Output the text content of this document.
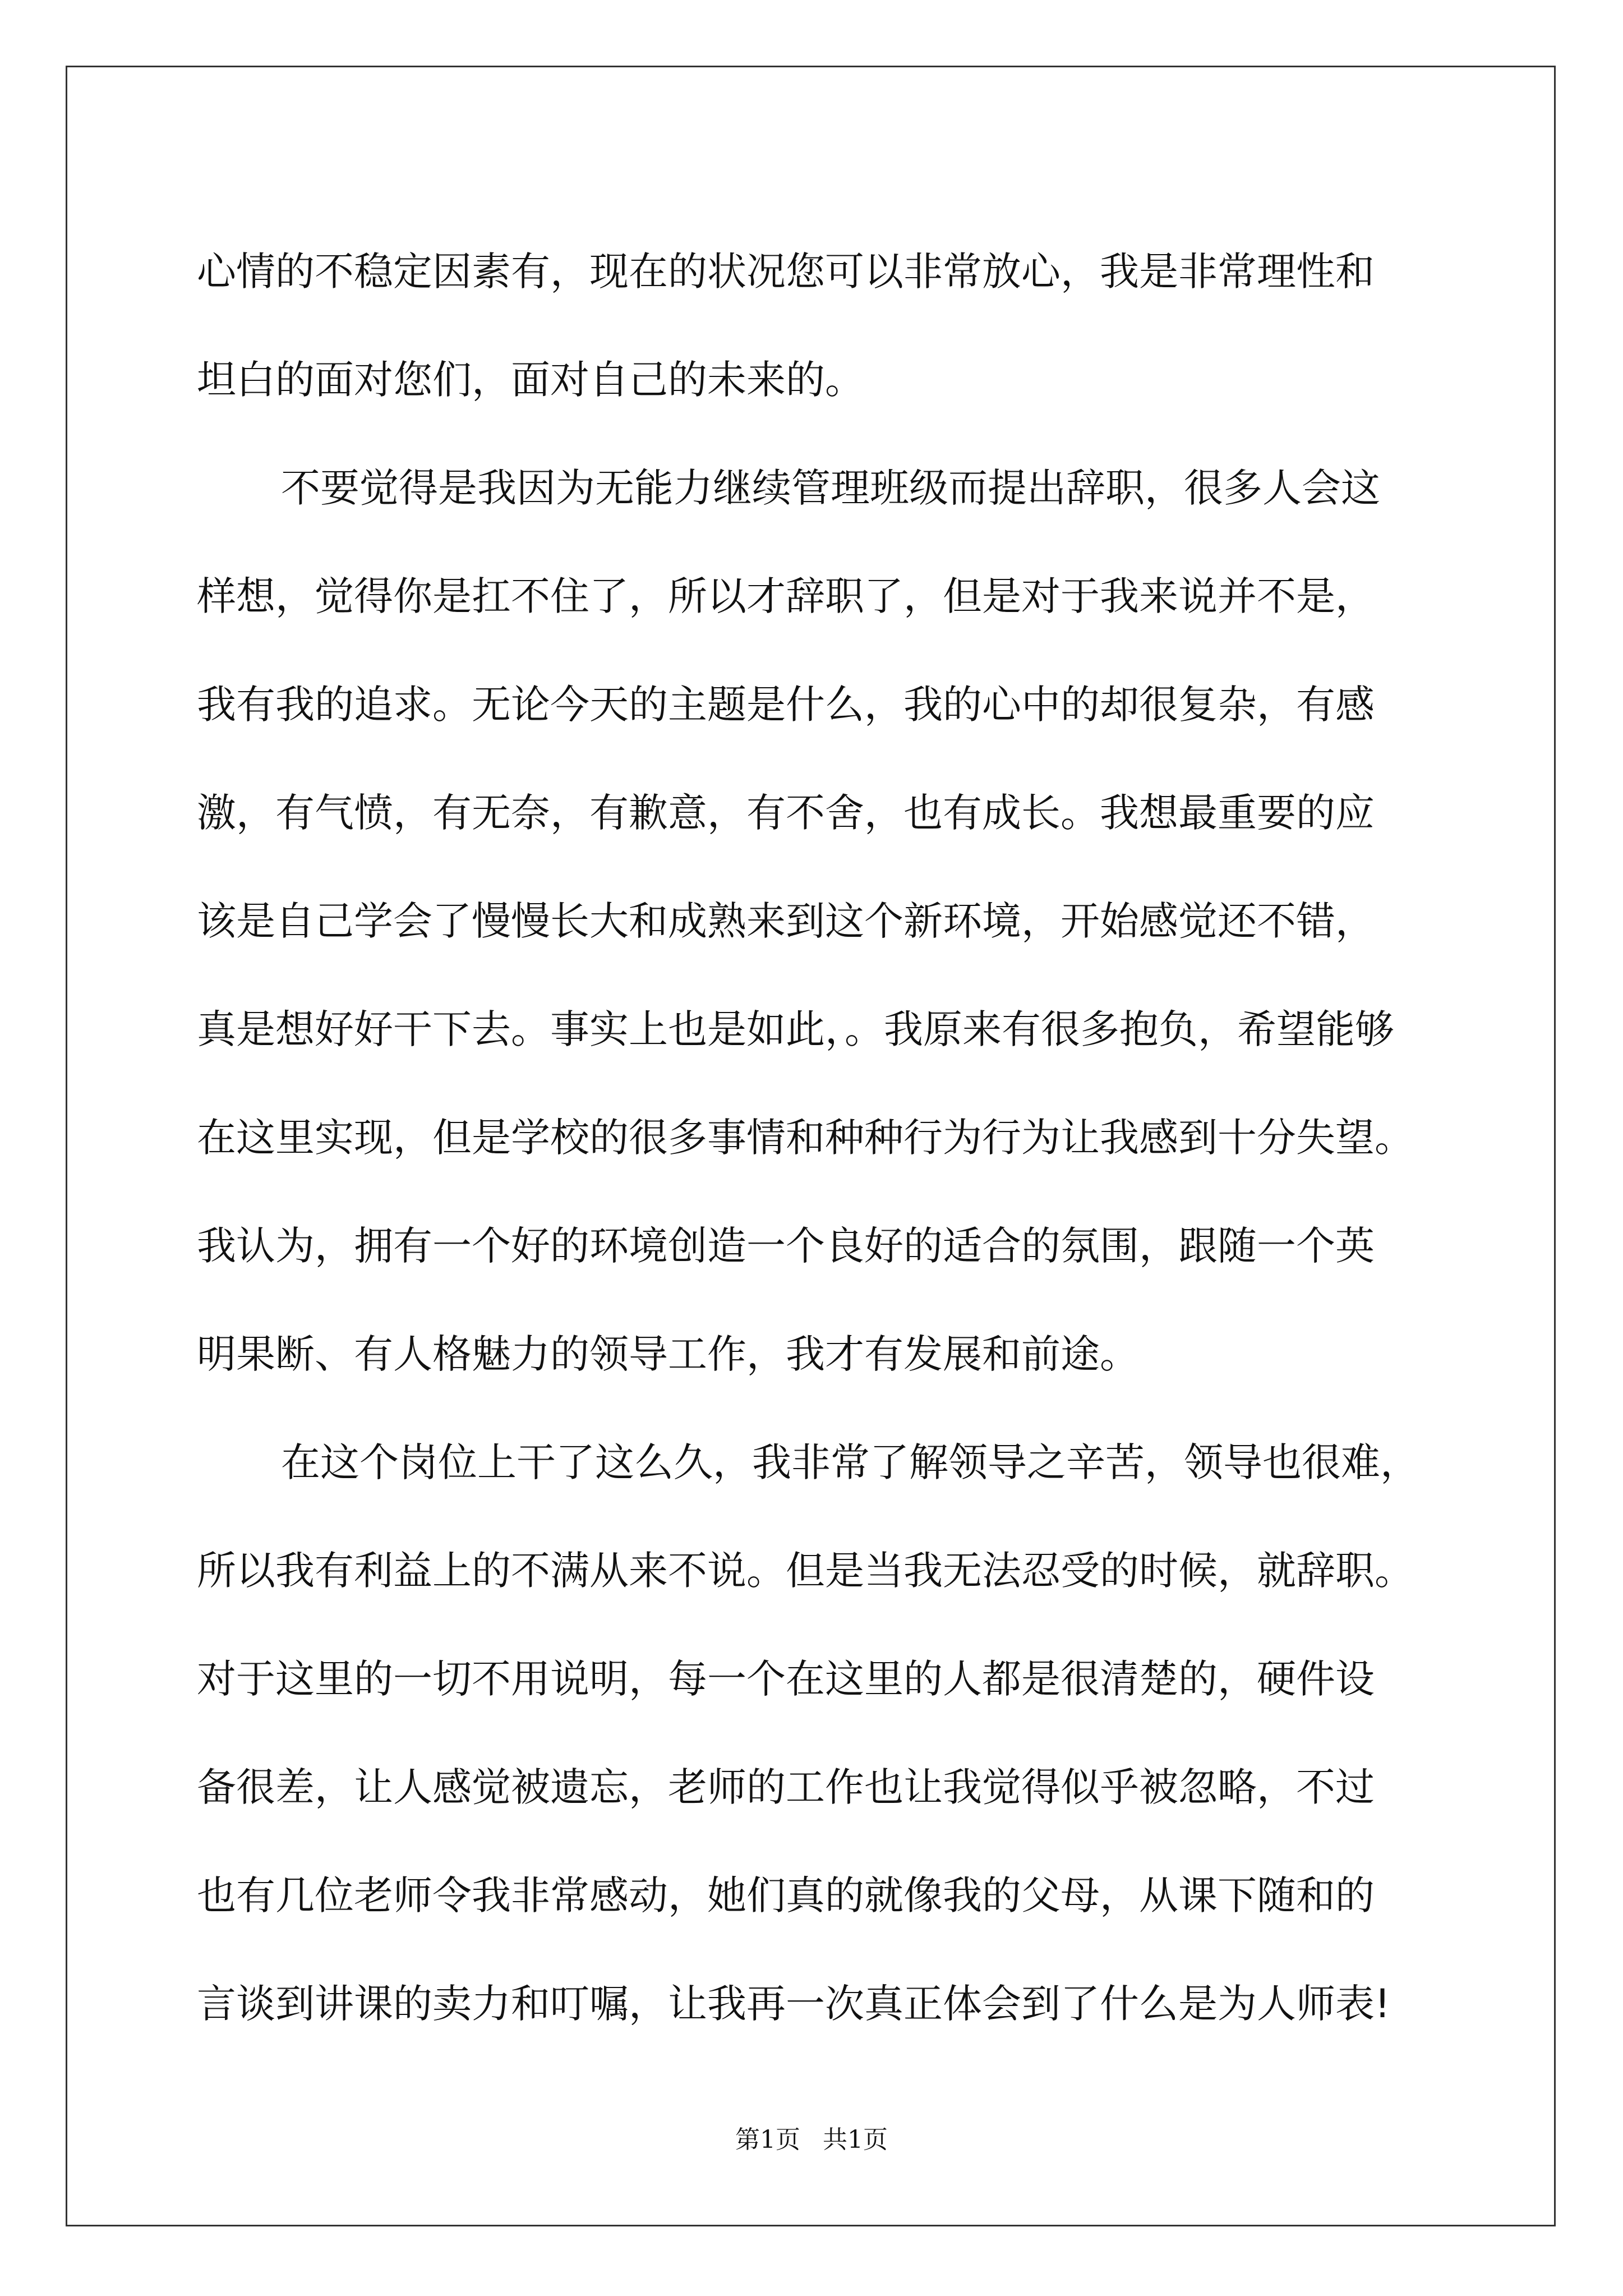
心情的不稳定因素有，现在的状况您可以非常放心，我是非常理性和
坦白的面对您们，面对自己的未来的。
不要觉得是我因为无能力继续管理班级而提出辞职，很多人会这
样想，觉得你是扛不住了，所以才辞职了，但是对于我来说并不是，
我有我的追求。无论今天的主题是什么，我的心中的却很复杂，有感
激，有气愤，有无奈，有歉意，有不舍，也有成长。我想最重要的应
该是自己学会了慢慢长大和成熟来到这个新环境，开始感觉还不错，
真是想好好干下去。事实上也是如此，。我原来有很多抱负，希望能够
在这里实现，但是学校的很多事情和种种行为行为让我感到十分失望。
我认为，拥有一个好的环境创造一个良好的适合的氛围，跟随一个英
明果断、有人格魅力的领导工作，我才有发展和前途。
在这个岗位上干了这么久，我非常了解领导之辛苦，领导也很难，
所以我有利益上的不满从来不说。但是当我无法忍受的时候，就辞职。
对于这里的一切不用说明，每一个在这里的人都是很清楚的，硬件设
备很差，让人感觉被遗忘，老师的工作也让我觉得似乎被忽略，不过
也有几位老师令我非常感动，她们真的就像我的父母，从课下随和的
言谈到讲课的卖力和叮嘱，让我再一次真正体会到了什么是为人师表!
第1页 共1页
